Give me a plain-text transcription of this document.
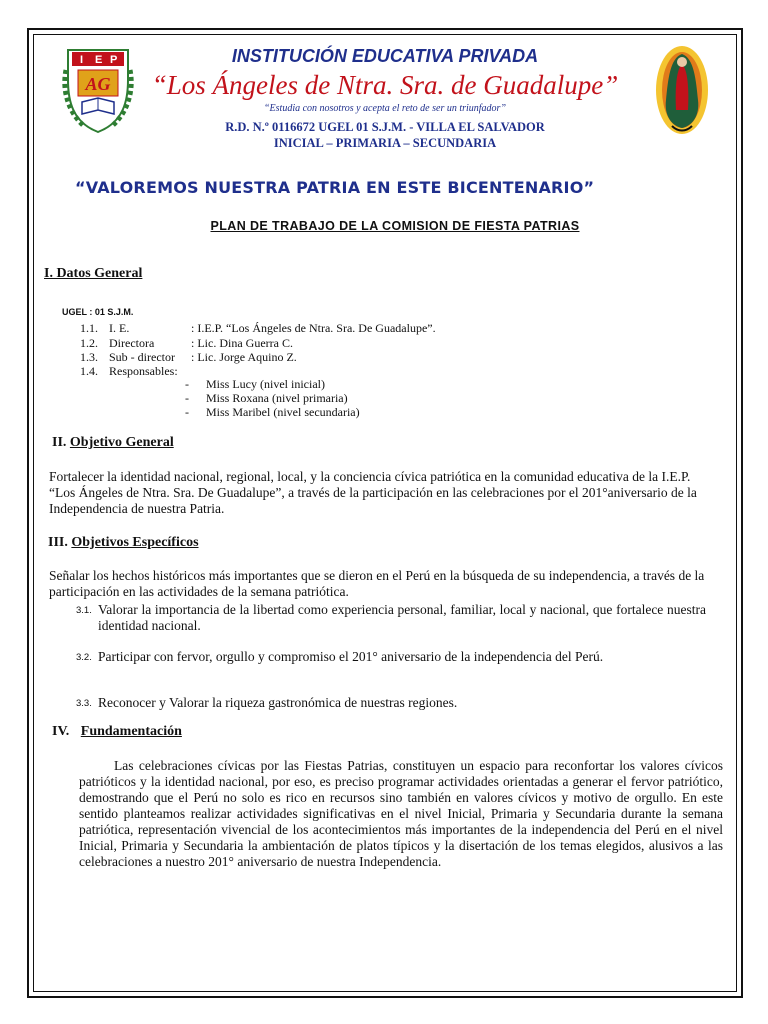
I E P
AG
INSTITUCIÓN EDUCATIVA PRIVADA
“Los Ángeles de Ntra. Sra. de Guadalupe”
“Estudia con nosotros y acepta el reto de ser un triunfador”
R.D. N.º 0116672 UGEL 01 S.J.M. - VILLA EL SALVADOR
INICIAL – PRIMARIA – SECUNDARIA
“VALOREMOS NUESTRA PATRIA EN ESTE BICENTENARIO”
PLAN DE TRABAJO DE LA COMISION DE FIESTA PATRIAS
I. Datos General
UGEL : 01 S.J.M.
1.1. I. E.	: I.E.P. “Los Ángeles de Ntra. Sra. De Guadalupe”.
1.2. Directora	: Lic. Dina Guerra C.
1.3. Sub - director : Lic. Jorge Aquino Z.
1.4. Responsables:
- Miss Lucy (nivel inicial)
- Miss Roxana (nivel primaria)
- Miss Maribel (nivel secundaria)
II. Objetivo General
Fortalecer la identidad nacional, regional, local, y la conciencia cívica patriótica en la comunidad educativa de la I.E.P. “Los Ángeles de Ntra. Sra. De Guadalupe”, a través de la participación en las celebraciones por el 201°aniversario de la Independencia de nuestra Patria.
III. Objetivos Específicos
Señalar los hechos históricos más importantes que se dieron en el Perú en la búsqueda de su independencia, a través de la participación en las actividades de la semana patriótica.
3.1. Valorar la importancia de la libertad como experiencia personal, familiar, local y nacional, que fortalece nuestra identidad nacional.
3.2. Participar con fervor, orgullo y compromiso el 201° aniversario de la independencia del Perú.
3.3. Reconocer y Valorar la riqueza gastronómica de nuestras regiones.
IV. Fundamentación
Las celebraciones cívicas por las Fiestas Patrias, constituyen un espacio para reconfortar los valores cívicos patrióticos y la identidad nacional, por eso, es preciso programar actividades orientadas a generar el fervor patriótico, demostrando que el Perú no solo es rico en recursos sino también en valores cívicos y motivo de orgullo. En este sentido planteamos realizar actividades significativas en el nivel Inicial, Primaria y Secundaria durante la semana patriótica, representación vivencial de los acontecimientos más importantes de la independencia del Perú en el nivel Inicial, Primaria y Secundaria la ambientación de platos típicos y la disertación de los temas elegidos, alusivos a las celebraciones a nuestro 201° aniversario de nuestra Independencia.
